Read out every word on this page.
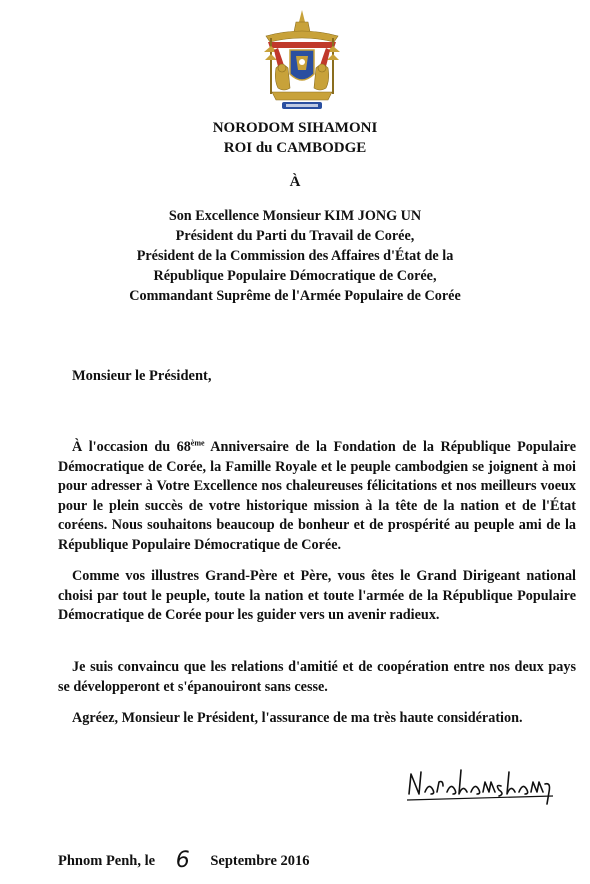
NORODOM SIHAMONI
ROI du CAMBODGE
À
Son Excellence Monsieur KIM JONG UN
Président du Parti du Travail de Corée,
Président de la Commission des Affaires d'État de la
République Populaire Démocratique de Corée,
Commandant Suprême de l'Armée Populaire de Corée
Monsieur le Président,

À l'occasion du 68ème Anniversaire de la Fondation de la République Populaire Démocratique de Corée, la Famille Royale et le peuple cambodgien se joignent à moi pour adresser à Votre Excellence nos chaleureuses félicitations et nos meilleurs voeux pour le plein succès de votre historique mission à la tête de la nation et de l'État coréens. Nous souhaitons beaucoup de bonheur et de prospérité au peuple ami de la République Populaire Démocratique de Corée.

Comme vos illustres Grand-Père et Père, vous êtes le Grand Dirigeant national choisi par tout le peuple, toute la nation et toute l'armée de la République Populaire Démocratique de Corée pour les guider vers un avenir radieux.

Je suis convaincu que les relations d'amitié et de coopération entre nos deux pays se développeront et s'épanouiront sans cesse.

Agréez, Monsieur le Président, l'assurance de ma très haute considération.

Phnom Penh, le 6 Septembre 2016
